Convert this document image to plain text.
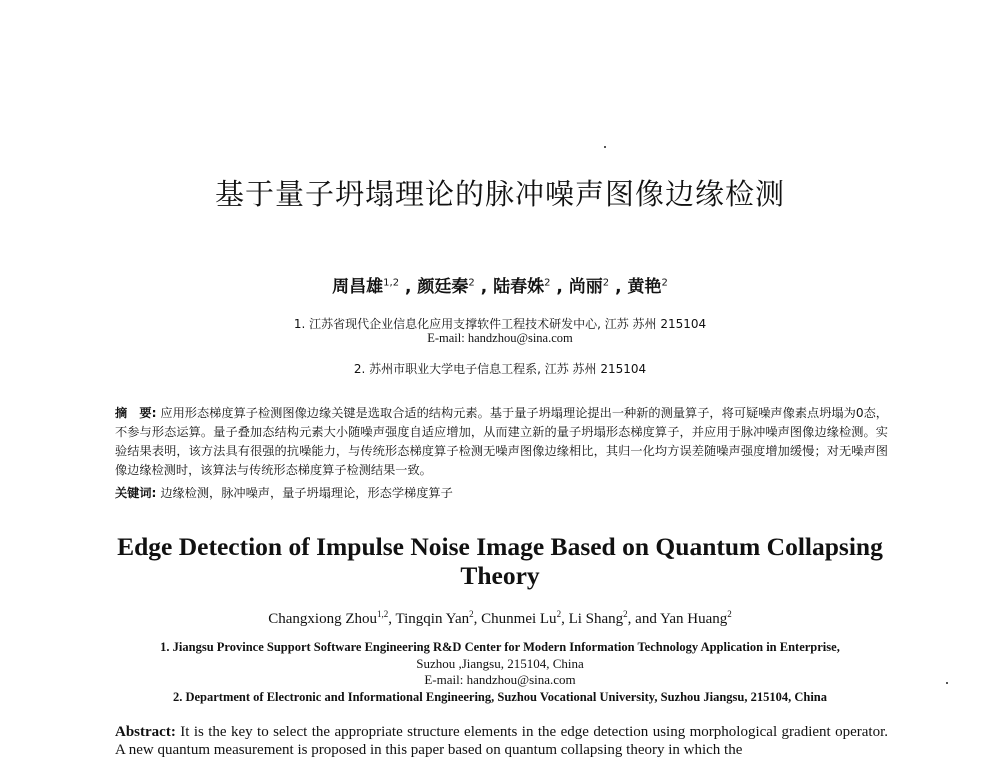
基于量子坍塌理论的脉冲噪声图像边缘检测
周昌雄$^{1,2}$ , 颜廷秦$^2$ , 陆春姝$^2$ , 尚丽$^2$ , 黄艳$^2$
1. 江苏省现代企业信息化应用支撑软件工程技术研发中心, 江苏 苏州 215104
E-mail: handzhou@sina.com
2. 苏州市职业大学电子信息工程系, 江苏 苏州 215104
摘　要: 应用形态梯度算子检测图像边缘关键是选取合适的结构元素。基于量子坍塌理论提出一种新的测量算子，将可疑噪声像素点坍塌为0态，不参与形态运算。量子叠加态结构元素大小随噪声强度自适应增加，从而建立新的量子坍塌形态梯度算子，并应用于脉冲噪声图像边缘检测。实验结果表明，该方法具有很强的抗噪能力，与传统形态梯度算子检测无噪声图像边缘相比，其归一化均方误差随噪声强度增加缓慢；对无噪声图像边缘检测时，该算法与传统形态梯度算子检测结果一致。
关键词: 边缘检测，脉冲噪声，量子坍塌理论，形态学梯度算子
Edge Detection of Impulse Noise Image Based on Quantum Collapsing Theory
Changxiong Zhou$^{1,2}$, Tingqin Yan$^2$, Chunmei Lu$^2$, Li Shang$^2$, and Yan Huang$^2$
1. Jiangsu Province Support Software Engineering R&D Center for Modern Information Technology Application in Enterprise,
Suzhou ,Jiangsu, 215104, China
E-mail: handzhou@sina.com
2. Department of Electronic and Informational Engineering, Suzhou Vocational University, Suzhou Jiangsu, 215104, China
Abstract: It is the key to select the appropriate structure elements in the edge detection using morphological gradient operator. A new quantum measurement is proposed in this paper based on quantum collapsing theory in which the
